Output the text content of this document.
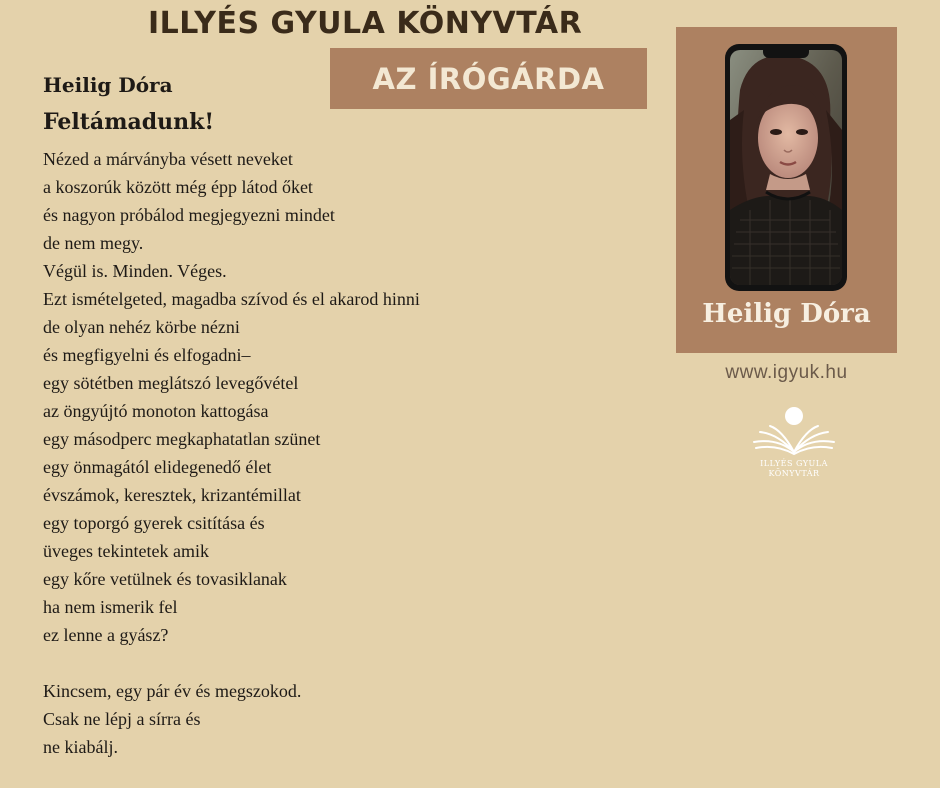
ILLYÉS GYULA KÖNYVTÁR
AZ ÍRÓGÁRDA
Heilig Dóra
Feltámadunk!
Nézed a márványba vésett neveket
a koszorúk között még épp látod őket
és nagyon próbálod megjegyezni mindet
de nem megy.
Végül is. Minden. Véges.
Ezt ismételgeted, magadba szívod és el akarod hinni
de olyan nehéz körbe nézni
és megfigyelni és elfogadni–
egy sötétben meglátszó levegővétel
az öngyújtó monoton kattogása
egy másodperc megkaphatatlan szünet
egy önmagától elidegenedő élet
évszámok, keresztek, krizantémillat
egy toporgó gyerek csitítása és
üveges tekintetek amik
egy kőre vetülnek és tovasiklanak
ha nem ismerik fel
ez lenne a gyász?
Kincsem, egy pár év és megszokod.
Csak ne lépj a sírra és
ne kiabálj.
Heilig Dóra
www.igyuk.hu
ILLYÉS GYULA
KÖNYVTÁR
